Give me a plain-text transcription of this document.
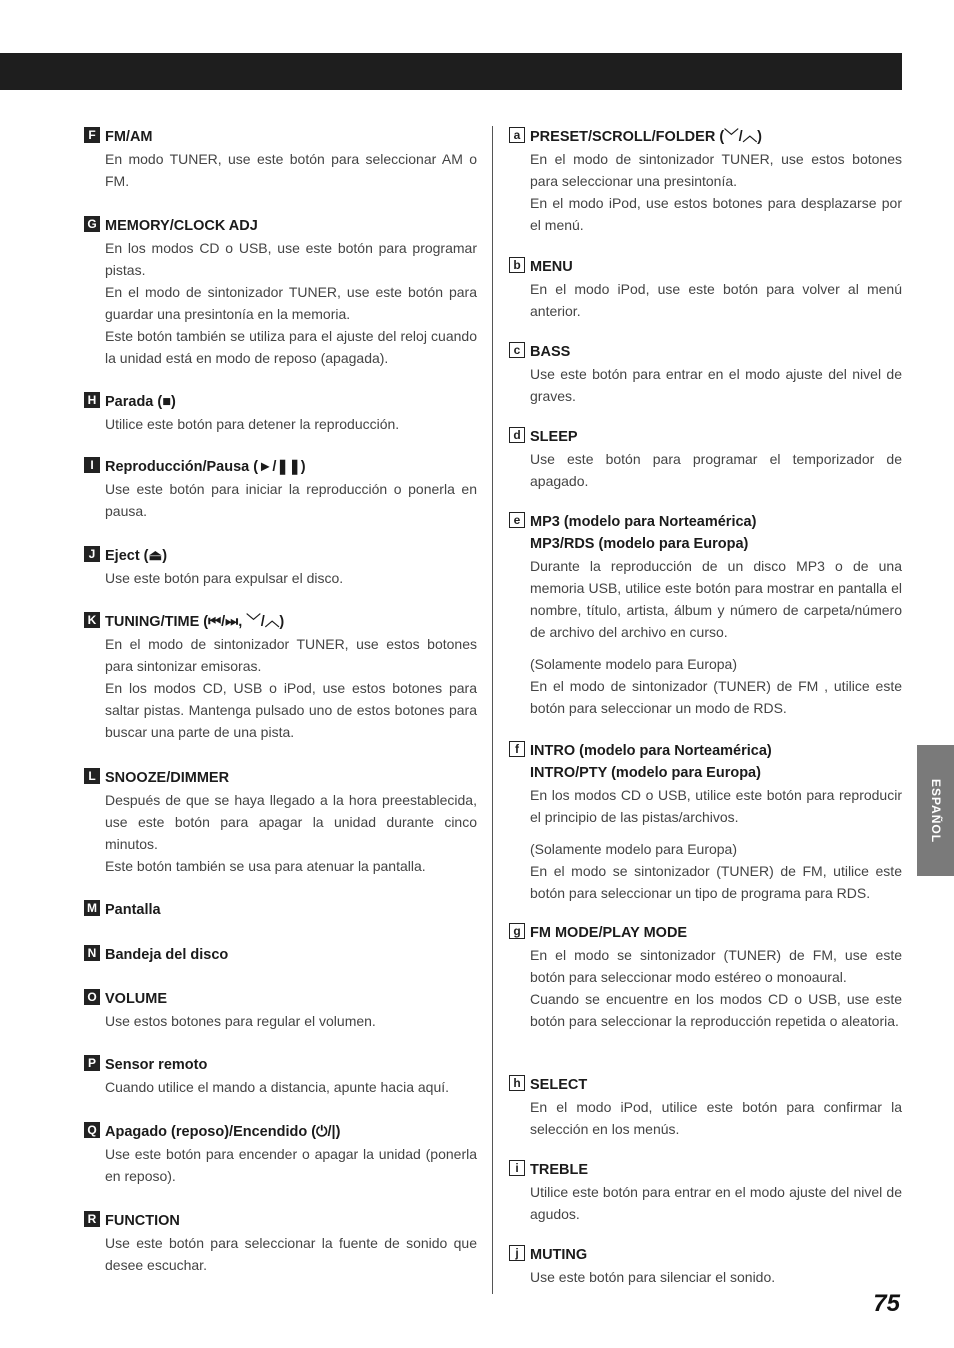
F FM/AM

En modo TUNER, use este botón para seleccionar AM o FM.

G MEMORY/CLOCK ADJ

En los modos CD o USB, use este botón para programar pistas.

En el modo de sintonizador TUNER, use este botón para guardar una presintonía en la memoria.

Este botón también se utiliza para el ajuste del reloj cuando la unidad está en modo de reposo (apagada).

H Parada (■)

Utilice este botón para detener la reproducción.

I Reproducción/Pausa (►/❚❚)

Use este botón para iniciar la reproducción o ponerla en pausa.

J Eject (⏏)

Use este botón para expulsar el disco.

K TUNING/TIME (⏮/⏭, ﹀/︿)

En el modo de sintonizador TUNER, use estos botones para sintonizar emisoras.

En los modos CD, USB o iPod, use estos botones para saltar pistas. Mantenga pulsado uno de estos botones para buscar una parte de una pista.

L SNOOZE/DIMMER

Después de que se haya llegado a la hora preestablecida, use este botón para apagar la unidad durante cinco minutos.

Este botón también se usa para atenuar la pantalla.

M Pantalla
N Bandeja del disco
O VOLUME

Use estos botones para regular el volumen.

P Sensor remoto

Cuando utilice el mando a distancia, apunte hacia aquí.

Q Apagado (reposo)/Encendido (⏻/|)

Use este botón para encender o apagar la unidad (ponerla en reposo).

R FUNCTION

Use este botón para seleccionar la fuente de sonido que desee escuchar.

a PRESET/SCROLL/FOLDER (﹀/︿)

En el modo de sintonizador TUNER, use estos botones para seleccionar una presintonía.

En el modo iPod, use estos botones para desplazarse por el menú.

b MENU

En el modo iPod, use este botón para volver al menú anterior.

c BASS

Use este botón para entrar en el modo ajuste del nivel de graves.

d SLEEP

Use este botón para programar el temporizador de apagado.

e MP3 (modelo para Norteamérica)
MP3/RDS (modelo para Europa)

Durante la reproducción de un disco MP3 o de una memoria USB, utilice este botón para mostrar en pantalla el nombre, título, artista, álbum y número de carpeta/número de archivo del archivo en curso.

(Solamente modelo para Europa)

En el modo de sintonizador (TUNER) de FM , utilice este botón para seleccionar un modo de RDS.

f INTRO (modelo para Norteamérica)
INTRO/PTY (modelo para Europa)

En los modos CD o USB, utilice este botón para reproducir el principio de las pistas/archivos.

(Solamente modelo para Europa)

En el modo se sintonizador (TUNER) de FM, utilice este botón para seleccionar un tipo de programa para RDS.

g FM MODE/PLAY MODE

En el modo se sintonizador (TUNER) de FM, use este botón para seleccionar modo estéreo o monoaural.

Cuando se encuentre en los modos CD o USB, use este botón para seleccionar la reproducción repetida o aleatoria.

h SELECT

En el modo iPod, utilice este botón para confirmar la selección en los menús.

i TREBLE

Utilice este botón para entrar en el modo ajuste del nivel de agudos.

j MUTING

Use este botón para silenciar el sonido.

ESPAÑOL
75
